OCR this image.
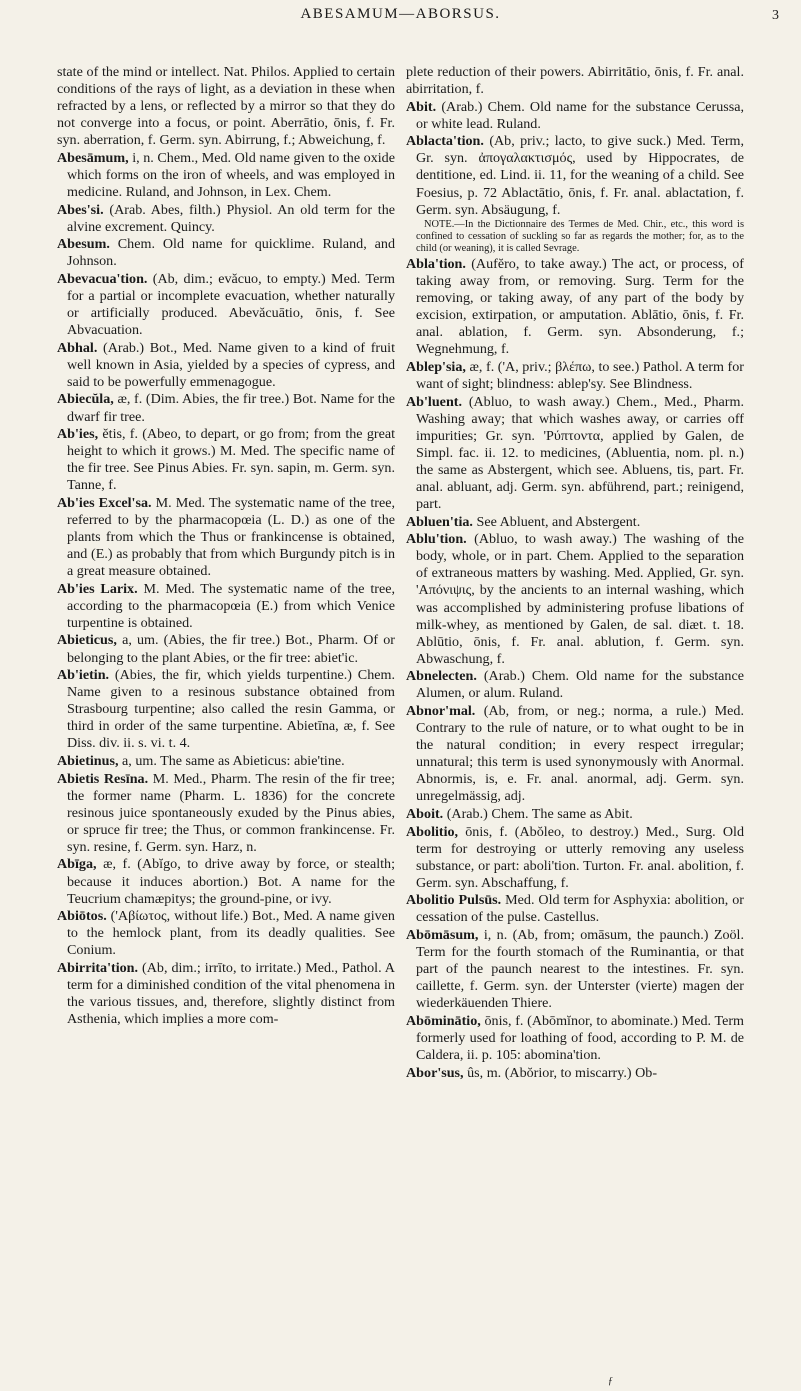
ABESAMUM—ABORSUS.	3

state of the mind or intellect. Nat. Philos. Applied to certain conditions of the rays of light, as a deviation in these when refracted by a lens, or reflected by a mirror so that they do not converge into a focus, or point. Aberrātio, ōnis, f. Fr. syn. aberration, f. Germ. syn. Abirrung, f.; Abweichung, f.

Abesāmum, i, n. Chem., Med. Old name given to the oxide which forms on the iron of wheels, and was employed in medicine. Ruland, and Johnson, in Lex. Chem.

Abes'si. (Arab. Abes, filth.) Physiol. An old term for the alvine excrement. Quincy.

Abesum. Chem. Old name for quicklime. Ruland, and Johnson.

Abevacua'tion. (Ab, dim.; evăcuo, to empty.) Med. Term for a partial or incomplete evacuation, whether naturally or artificially produced. Abevăcuātio, ōnis, f. See Abvacuation.

Abhal. (Arab.) Bot., Med. Name given to a kind of fruit well known in Asia, yielded by a species of cypress, and said to be powerfully emmenagogue.

Abiecŭla, æ, f. (Dim. Abies, the fir tree.) Bot. Name for the dwarf fir tree.

Ab'ies, ĕtis, f. (Abeo, to depart, or go from; from the great height to which it grows.) M. Med. The specific name of the fir tree. See Pinus Abies. Fr. syn. sapin, m. Germ. syn. Tanne, f.

Ab'ies Excel'sa. M. Med. The systematic name of the tree, referred to by the pharmacopœia (L. D.) as one of the plants from which the Thus or frankincense is obtained, and (E.) as probably that from which Burgundy pitch is in a great measure obtained.

Ab'ies Larix. M. Med. The systematic name of the tree, according to the pharmacopœia (E.) from which Venice turpentine is obtained.

Abieticus, a, um. (Abies, the fir tree.) Bot., Pharm. Of or belonging to the plant Abies, or the fir tree: abiet'ic.

Ab'ietin. (Abies, the fir, which yields turpentine.) Chem. Name given to a resinous substance obtained from Strasbourg turpentine; also called the resin Gamma, or third in order of the same turpentine. Abietīna, æ, f. See Diss. div. ii. s. vi. t. 4.

Abietinus, a, um. The same as Abieticus: abie'tine.

Abietis Resīna. M. Med., Pharm. The resin of the fir tree; the former name (Pharm. L. 1836) for the concrete resinous juice spontaneously exuded by the Pinus abies, or spruce fir tree; the Thus, or common frankincense. Fr. syn. resine, f. Germ. syn. Harz, n.

Abīga, æ, f. (Abĭgo, to drive away by force, or stealth; because it induces abortion.) Bot. A name for the Teucrium chamæpitys; the ground-pine, or ivy.

Abiōtos. ('Αβίωτος, without life.) Bot., Med. A name given to the hemlock plant, from its deadly qualities. See Conium.

Abirrita'tion. (Ab, dim.; irrīto, to irritate.) Med., Pathol. A term for a diminished condition of the vital phenomena in the various tissues, and, therefore, slightly distinct from Asthenia, which implies a more com-

plete reduction of their powers. Abirritātio, ōnis, f. Fr. anal. abirritation, f.

Abit. (Arab.) Chem. Old name for the substance Cerussa, or white lead. Ruland.

Ablacta'tion. (Ab, priv.; lacto, to give suck.) Med. Term, Gr. syn. ἀπογαλακτισμός, used by Hippocrates, de dentitione, ed. Lind. ii. 11, for the weaning of a child. See Foesius, p. 72 Ablactātio, ōnis, f. Fr. anal. ablactation, f. Germ. syn. Absäugung, f.
NOTE.—In the Dictionnaire des Termes de Med. Chir., etc., this word is confined to cessation of suckling so far as regards the mother; for, as to the child (or weaning), it is called Sevrage.

Abla'tion. (Aufĕro, to take away.) The act, or process, of taking away from, or removing. Surg. Term for the removing, or taking away, of any part of the body by excision, extirpation, or amputation. Ablātio, ōnis, f. Fr. anal. ablation, f. Germ. syn. Absonderung, f.; Wegnehmung, f.

Ablep'sia, æ, f. ('A, priv.; βλέπω, to see.) Pathol. A term for want of sight; blindness: ablep'sy. See Blindness.

Ab'luent. (Abluo, to wash away.) Chem., Med., Pharm. Washing away; that which washes away, or carries off impurities; Gr. syn. 'Ρύπτοντα, applied by Galen, de Simpl. fac. ii. 12. to medicines, (Abluentia, nom. pl. n.) the same as Abstergent, which see. Abluens, tis, part. Fr. anal. abluant, adj. Germ. syn. abführend, part.; reinigend, part.

Abluen'tia. See Abluent, and Abstergent.

Ablu'tion. (Abluo, to wash away.) The washing of the body, whole, or in part. Chem. Applied to the separation of extraneous matters by washing. Med. Applied, Gr. syn. 'Απόνιψις, by the ancients to an internal washing, which was accomplished by administering profuse libations of milk-whey, as mentioned by Galen, de sal. diæt. t. 18. Ablūtio, ōnis, f. Fr. anal. ablution, f. Germ. syn. Abwaschung, f.

Abnelecten. (Arab.) Chem. Old name for the substance Alumen, or alum. Ruland.

Abnor'mal. (Ab, from, or neg.; norma, a rule.) Med. Contrary to the rule of nature, or to what ought to be in the natural condition; in every respect irregular; unnatural; this term is used synonymously with Anormal. Abnormis, is, e. Fr. anal. anormal, adj. Germ. syn. unregelmässig, adj.

Aboit. (Arab.) Chem. The same as Abit.

Abolitio, ōnis, f. (Abŏleo, to destroy.) Med., Surg. Old term for destroying or utterly removing any useless substance, or part: aboli'tion. Turton. Fr. anal. abolition, f. Germ. syn. Abschaffung, f.

Abolitio Pulsūs. Med. Old term for Asphyxia: abolition, or cessation of the pulse. Castellus.

Abōmāsum, i, n. (Ab, from; omāsum, the paunch.) Zoöl. Term for the fourth stomach of the Ruminantia, or that part of the paunch nearest to the intestines. Fr. syn. caillette, f. Germ. syn. der Unterster (vierte) magen der wiederkäuenden Thiere.

Abōminātio, ōnis, f. (Abōmĭnor, to abominate.) Med. Term formerly used for loathing of food, according to P. M. de Caldera, ii. p. 105: abomina'tion.

Abor'sus, ûs, m. (Abŏrior, to miscarry.) Ob-

ƒ
